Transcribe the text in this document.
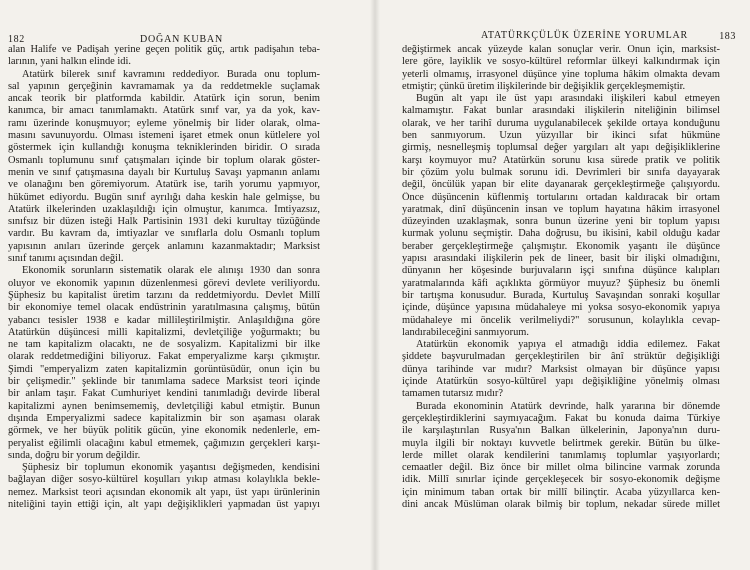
182	DOĞAN KUBAN
alan Halife ve Padişah yerine geçen politik güç, artık padişahın teba-
larının, yani halkın elinde idi.
Atatürk bilerek sınıf kavramını reddediyor. Burada onu toplum-
sal yapının gerçeğinin kavramamak ya da reddetmekle suçlamak
ancak teorik bir platformda kabildir. Atatürk için sorun, benim
kanımca, bir amacı tanımlamaktı. Atatürk sınıf var, ya da yok, kav-
ramı üzerinde konuşmuyor; eyleme yönelmiş bir lider olarak, olma-
masını savunuyordu. Olması istemeni işaret etmek onun kütlelere yol
göstermek için kullandığı konuşma tekniklerinden biridir. O sırada
Osmanlı toplumunu sınıf çatışmaları içinde bir toplum olarak göster-
menin ve sınıf çatışmasına dayalı bir Kurtuluş Savaşı yapmanın anlamı
ve olanağını ben göremiyorum. Atatürk ise, tarih yorumu yapmıyor,
hükümet ediyordu. Bugün sınıf ayrılığı daha keskin hale gelmişse, bu
Atatürk ilkelerinden uzaklaşıldığı için olmuştur, kanımca. İmtiyazsız,
sınıfsız bir düzen isteği Halk Partisinin 1931 deki kurultay tüzüğünde
vardır. Bu kavram da, imtiyazlar ve sınıflarla dolu Osmanlı toplum
yapısının anıları üzerinde gerçek anlamını kazanmaktadır; Marksist
sınıf tanımı açısından değil.
Ekonomik sorunların sistematik olarak ele alınışı 1930 dan sonra
oluyor ve ekonomik yapının düzenlenmesi görevi devlete veriliyordu.
Şüphesiz bu kapitalist üretim tarzını da reddetmiyordu. Devlet Millî
bir ekonomiye temel olacak endüstrinin yaratılmasına çalışmış, bütün
yabancı tesisler 1938 e kadar millileştirilmiştir. Anlaşıldığına göre
Atatürkün düşüncesi milli kapitalizmi, devletçiliğe yoğurmaktı; bu
ne tam kapitalizm olacaktı, ne de sosyalizm. Kapitalizmi bir ilke
olarak reddetmediğini biliyoruz. Fakat emperyalizme karşı çıkmıştır.
Şimdi "emperyalizm zaten kapitalizmin gorüntüsüdür, onun için bu
bir çelişmedir." şeklinde bir tanımlama sadece Marksist teori içinde
bir anlam taşır. Fakat Cumhuriyet kendini tanımladığı devirde liberal
kapitalizmi aynen benimsememiş, devletçiliği kabul etmiştir. Bunun
dışında Emperyalizmi sadece kapitalizmin bir son aşaması olarak
görmek, ve her büyük politik gücün, yine ekonomik nedenlerle, em-
peryalist eğilimli olacağını kabul etmemek, çağımızın gerçekleri karşı-
sında, doğru bir yorum değildir.
Şüphesiz bir toplumun ekonomik yaşantısı değişmeden, kendisini
bağlayan diğer sosyo-kültürel koşulları yıkıp atması kolaylıkla bekle-
nemez. Marksist teori açısından ekonomik alt yapı, üst yapı ürünlerinin
niteliğini tayin ettiği için, alt yapı değişiklikleri yapmadan üst yapıyı
ATATÜRKÇÜLÜK ÜZERİNE YORUMLAR	183
değiştirmek ancak yüzeyde kalan sonuçlar verir. Onun için, marksist-
lere göre, layiklik ve sosyo-kültürel reformlar ülkeyi kalkındırmak için
yeterli olmamış, irrasyonel düşünce yine topluma hâkim olmakta devam
etmiştir; çünkü üretim ilişkilerinde bir değişiklik gerçekleşmemiştir.
Bugün alt yapı ile üst yapı arasındaki ilişkileri kabul etmeyen
kalmamıştır. Fakat bunlar arasındaki ilişkilerin niteliğinin bilimsel
olarak, ve her tarihî duruma uygulanabilecek şekilde ortaya konduğunu
ben sanmıyorum. Uzun yüzyıllar bir ikinci sıfat hükmüne
girmiş, nesnelleşmiş toplumsal değer yargıları alt yapı değişikliklerine
karşı koymuyor mu? Atatürkün sorunu kısa sürede pratik ve politik
bir çözüm yolu bulmak sorunu idi. Devrimleri bir sınıfa dayayarak
değil, öncülük yapan bir elite dayanarak gerçekleştirmeğe çalışıyordu.
Önce düşüncenin küflenmiş tortularını ortadan kaldıracak bir ortam
yaratmak, dinî düşüncenin insan ve toplum hayatına hâkim irrasyonel
düzeyinden uzaklaşmak, sonra bunun üzerine yeni bir toplum yapısı
kurmak yolunu seçmiştir. Daha doğrusu, bu ikisini, kabil olduğu kadar
beraber gerçekleştirmeğe çalışmıştır. Ekonomik yaşantı ile düşünce
yapısı arasındaki ilişkilerin pek de lineer, basit bir ilişki olmadığını,
dünyanın her köşesinde burjuvaların işçi sınıfına düşünce kalıpları
yaratmalarında kâfi açıklıkta görmüyor muyuz? Şüphesiz bu önemli
bir tartışma konusudur. Burada, Kurtuluş Savaşından sonraki koşullar
içinde, düşünce yapısına müdahaleye mi yoksa sosyo-ekonomik yapıya
müdahaleye mi öncelik verilmeliydi?" sorusunun, kolaylıkla cevap-
landırabileceğini sanmıyorum.
Atatürkün ekonomik yapıya el atmadığı iddia edilemez. Fakat
şiddete başvurulmadan gerçekleştirilen bir ânî strüktür değişikliği
dünya tarihinde var mıdır? Marksist olmayan bir düşünce yapısı
içinde Atatürkün sosyo-kültürel yapı değişikliğine yönelmiş olması
tamamen tutarsız mıdır?
Burada ekonominin Atatürk devrinde, halk yararına bir dönemde
gerçekleştirdiklerini saymıyacağım. Fakat bu konuda daima Türkiye
ile karşılaştırılan Rusya'nın Balkan ülkelerinin, Japonya'nın duru-
muyla ilgili bir noktayı kuvvetle belirtmek gerekir. Bütün bu ülke-
lerde millet olarak kendilerini tanımlamış toplumlar yaşıyorlardı;
cemaatler değil. Biz önce bir millet olma bilincine varmak zorunda
idik. Millî sınırlar içinde gerçekleşecek bir sosyo-ekonomik değişme
için minimum taban ortak bir millî bilinçtir. Acaba yüzyıllarca ken-
dini ancak Müslüman olarak bilmiş bir toplum, nekadar sürede millet
